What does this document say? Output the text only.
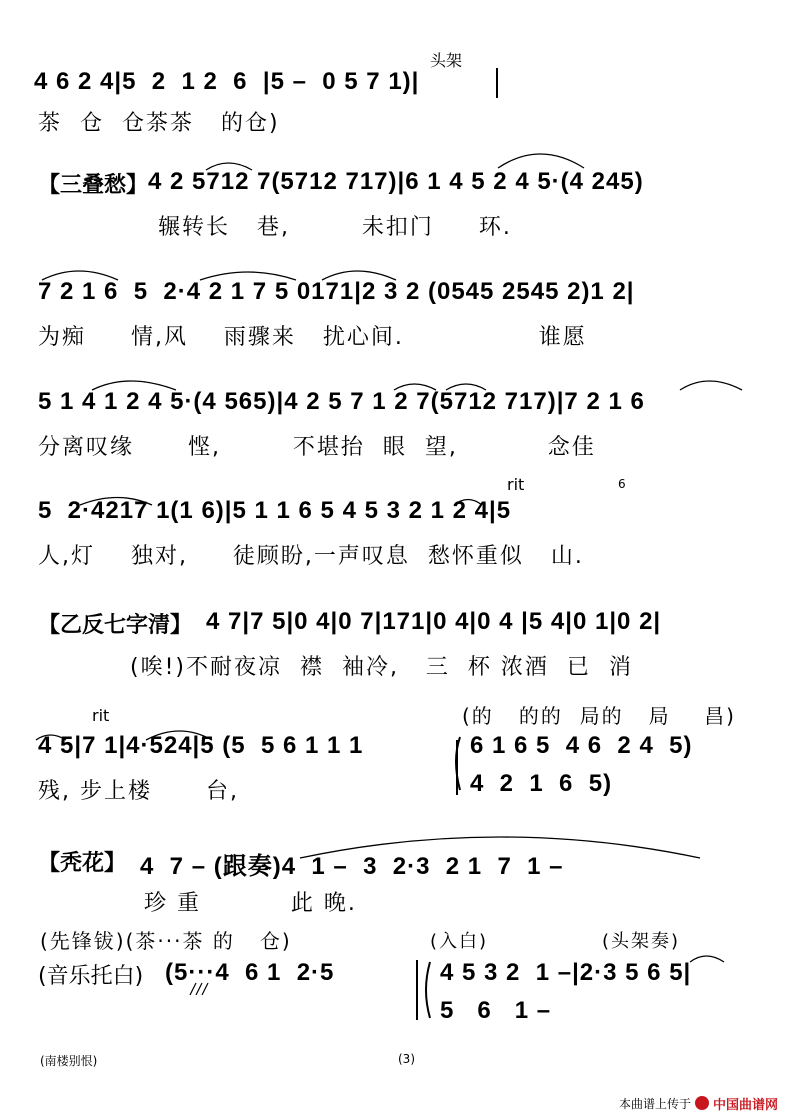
头架
4 6 2 4|5  2  1 2  6  |5 –  0 5 7 1)|
茶  仓  仓茶茶   的仓)
【三叠愁】 4 2 5712 7(5712 717)|6 1 4 5 2 4 5·(4 245)
辗转长   巷,        未扣门     环.
7 2 1 6  5  2·4 2 1 7 5 0171|2 3 2 (0545 2545 2)1 2|
为痴     情,风    雨骤来   扰心间.               谁愿
5 1 4 1 2 4 5·(4 565)|4 2 5 7 1 2 7(5712 717)|7 2 1 6
分离叹缘      悭,        不堪抬  眼  望,          念佳
rit	6
5  2·4217 1(1 6)|5 1 1 6 5 4 5 3 2 1 2 4|5
人,灯    独对,     徒顾盼,一声叹息  愁怀重似   山.
【乙反七字清】 4 7|7 5|0 4|0 7|171|0 4|0 4 |5 4|0 1|0 2|
(唉!)不耐夜凉  襟  袖冷,   三  杯 浓酒  已  消
rit	(的   的的  局的   局    昌)
4 5|7 1|4·524|5 (5  5 6 1 1 1	6 1 6 5  4 6  2 4  5)
4  2  1  6  5)
残, 步上楼      台,
【秃花】 4  7 – (跟奏)4  1 –  3  2·3  2 1  7  1 –
珍 重          此 晚.
(先锋钹)(茶···茶 的   仓)	(入白)	(头架奏)
(音乐托白) (5···4  6 1  2·5	4 5 3 2  1 –|2·3 5 6 5|
5   6   1 –
(南楼别恨)	(3)
本曲谱上传于 中国曲谱网
